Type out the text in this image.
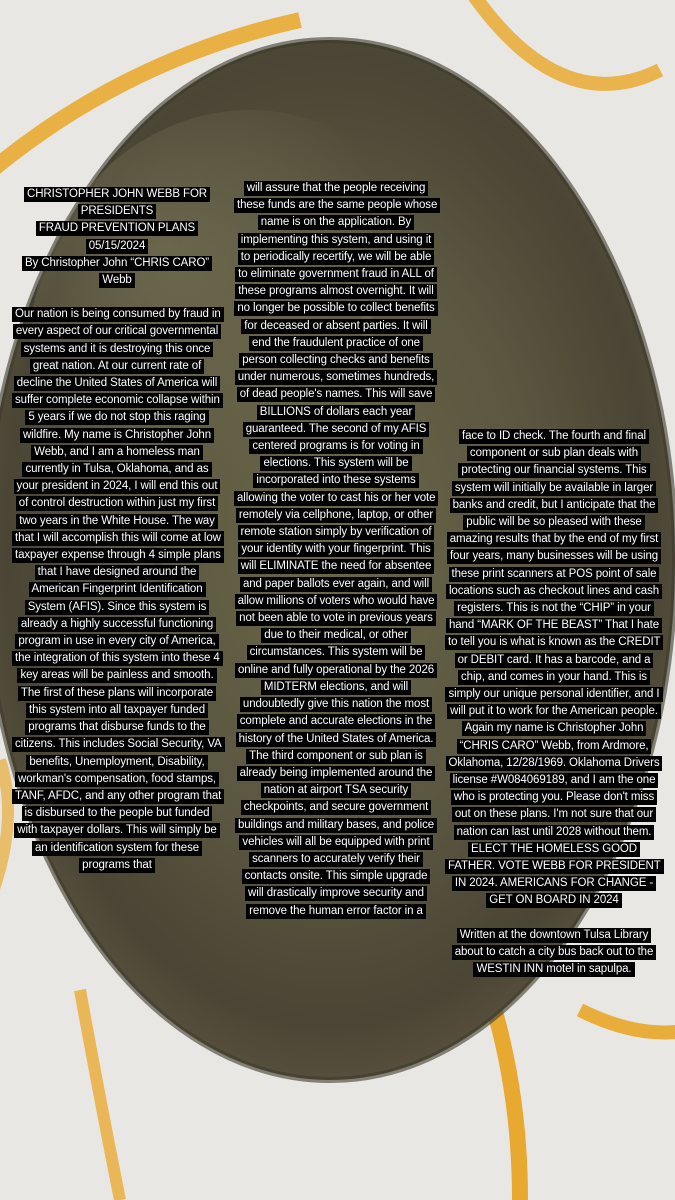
CHRISTOPHER JOHN WEBB FOR PRESIDENTS
FRAUD PREVENTION PLANS
05/15/2024
By Christopher John “CHRIS CARO” Webb

Our nation is being consumed by fraud in every aspect of our critical governmental systems and it is destroying this once great nation. At our current rate of decline the United States of America will suffer complete economic collapse within 5 years if we do not stop this raging wildfire. My name is Christopher John Webb, and I am a homeless man currently in Tulsa, Oklahoma, and as your president in 2024, I will end this out of control destruction within just my first two years in the White House. The way that I will accomplish this will come at low taxpayer expense through 4 simple plans that I have designed around the American Fingerprint Identification System (AFIS). Since this system is already a highly successful functioning program in use in every city of America, the integration of this system into these 4 key areas will be painless and smooth. The first of these plans will incorporate this system into all taxpayer funded programs that disburse funds to the citizens. This includes Social Security, VA benefits, Unemployment, Disability, workman's compensation, food stamps, TANF, AFDC, and any other program that is disbursed to the people but funded with taxpayer dollars. This will simply be an identification system for these programs that

will assure that the people receiving these funds are the same people whose name is on the application. By implementing this system, and using it to periodically recertify, we will be able to eliminate government fraud in ALL of these programs almost overnight. It will no longer be possible to collect benefits for deceased or absent parties. It will end the fraudulent practice of one person collecting checks and benefits under numerous, sometimes hundreds, of dead people's names. This will save BILLIONS of dollars each year guaranteed. The second of my AFIS centered programs is for voting in elections. This system will be incorporated into these systems allowing the voter to cast his or her vote remotely via cellphone, laptop, or other remote station simply by verification of your identity with your fingerprint. This will ELIMINATE the need for absentee and paper ballots ever again, and will allow millions of voters who would have not been able to vote in previous years due to their medical, or other circumstances. This system will be online and fully operational by the 2026 MIDTERM elections, and will undoubtedly give this nation the most complete and accurate elections in the history of the United States of America. The third component or sub plan is already being implemented around the nation at airport TSA security checkpoints, and secure government buildings and military bases, and police vehicles will all be equipped with print scanners to accurately verify their contacts onsite. This simple upgrade will drastically improve security and remove the human error factor in a

face to ID check. The fourth and final component or sub plan deals with protecting our financial systems. This system will initially be available in larger banks and credit, but I anticipate that the public will be so pleased with these amazing results that by the end of my first four years, many businesses will be using these print scanners at POS point of sale locations such as checkout lines and cash registers. This is not the “CHIP” in your hand “MARK OF THE BEAST” That I hate to tell you is what is known as the CREDIT or DEBIT card. It has a barcode, and a chip, and comes in your hand. This is simply our unique personal identifier, and I will put it to work for the American people. Again my name is Christopher John “CHRIS CARO” Webb, from Ardmore, Oklahoma, 12/28/1969. Oklahoma Drivers license #W084069189, and I am the one who is protecting you. Please don't miss out on these plans. I'm not sure that our nation can last until 2028 without them. ELECT THE HOMELESS GOOD FATHER. VOTE WEBB FOR PRESIDENT IN 2024. AMERICANS FOR CHANGE - GET ON BOARD IN 2024

Written at the downtown Tulsa Library about to catch a city bus back out to the WESTIN INN motel in sapulpa.
